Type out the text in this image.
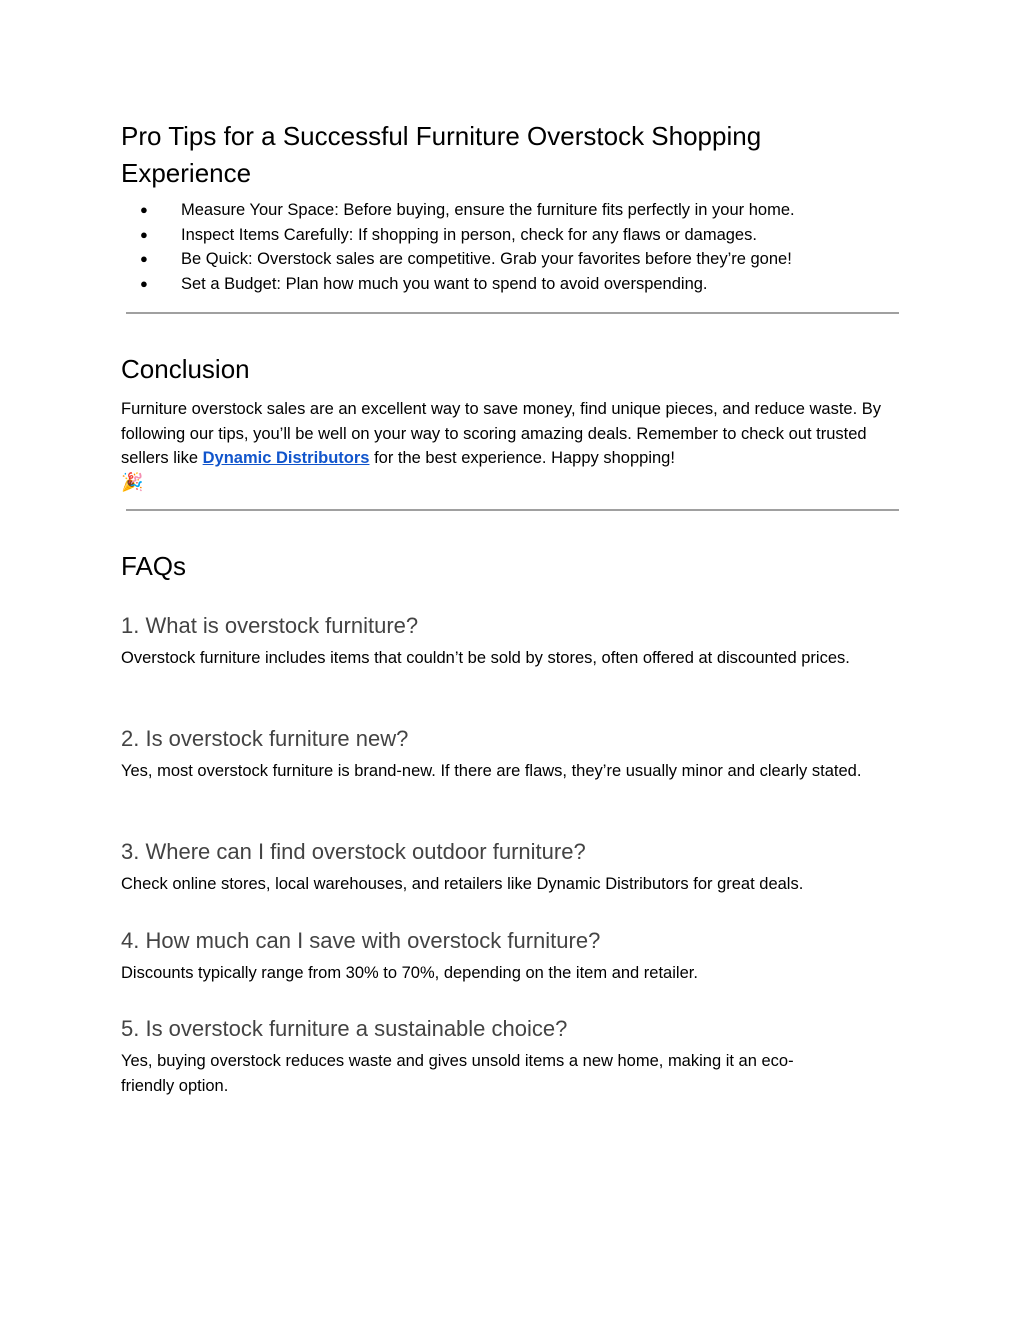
Pro Tips for a Successful Furniture Overstock Shopping Experience
● Measure Your Space: Before buying, ensure the furniture fits perfectly in your home.
● Inspect Items Carefully: If shopping in person, check for any flaws or damages.
● Be Quick: Overstock sales are competitive. Grab your favorites before they’re gone!
● Set a Budget: Plan how much you want to spend to avoid overspending.
Conclusion

Furniture overstock sales are an excellent way to save money, find unique pieces, and reduce waste. By following our tips, you’ll be well on your way to scoring amazing deals. Remember to check out trusted sellers like Dynamic Distributors for the best experience. Happy shopping!
🎉

FAQs
1. What is overstock furniture?

Overstock furniture includes items that couldn’t be sold by stores, often offered at discounted prices.

2. Is overstock furniture new?

Yes, most overstock furniture is brand-new. If there are flaws, they’re usually minor and clearly stated.

3. Where can I find overstock outdoor furniture?

Check online stores, local warehouses, and retailers like Dynamic Distributors for great deals.

4. How much can I save with overstock furniture?

Discounts typically range from 30% to 70%, depending on the item and retailer.

5. Is overstock furniture a sustainable choice?

Yes, buying overstock reduces waste and gives unsold items a new home, making it an eco-friendly option.
